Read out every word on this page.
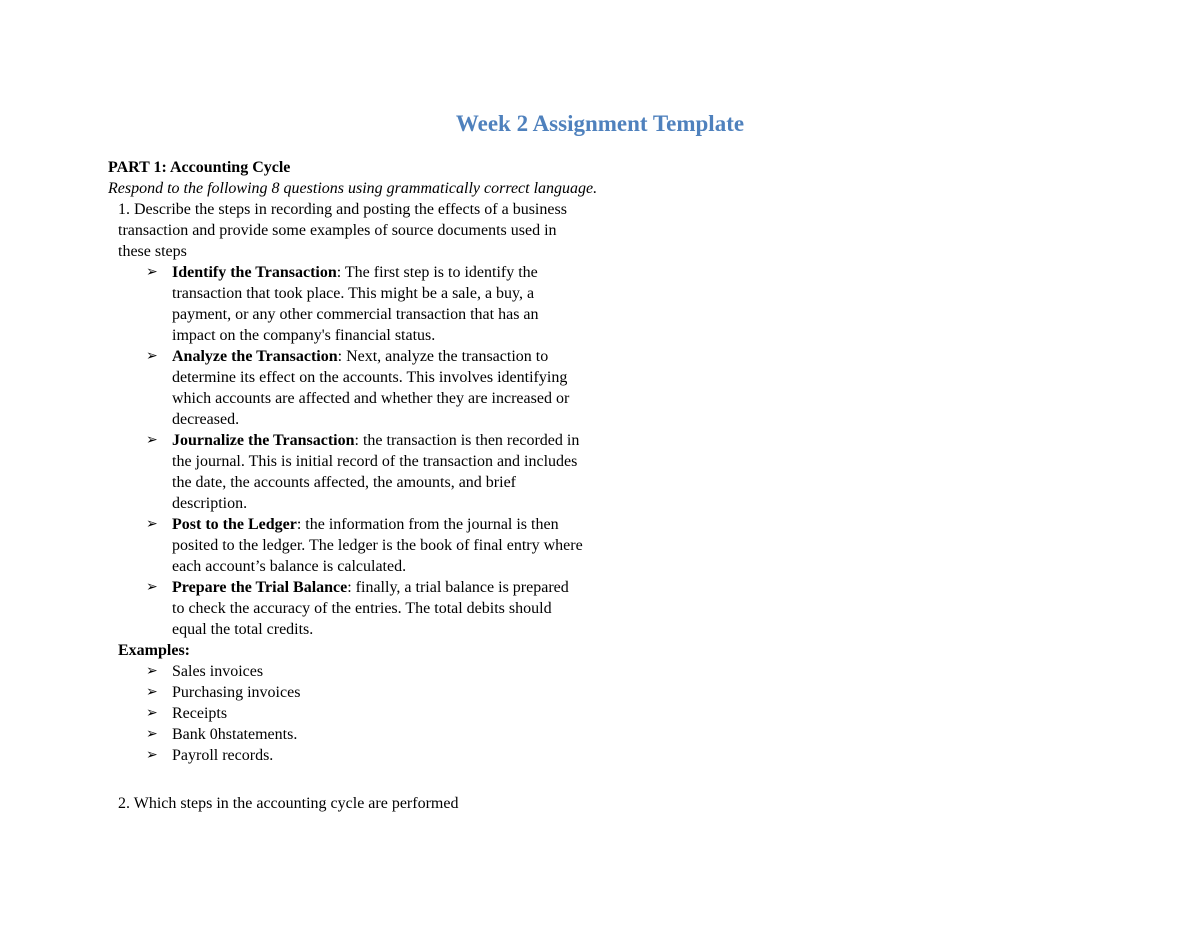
Week 2 Assignment Template
PART 1: Accounting Cycle
Respond to the following 8 questions using grammatically correct language.
1. Describe the steps in recording and posting the effects of a business transaction and provide some examples of source documents used in these steps
➢ Identify the Transaction: The first step is to identify the transaction that took place. This might be a sale, a buy, a payment, or any other commercial transaction that has an impact on the company's financial status.
➢ Analyze the Transaction: Next, analyze the transaction to determine its effect on the accounts. This involves identifying which accounts are affected and whether they are increased or decreased.
➢ Journalize the Transaction: the transaction is then recorded in the journal. This is initial record of the transaction and includes the date, the accounts affected, the amounts, and brief description.
➢ Post to the Ledger: the information from the journal is then posited to the ledger. The ledger is the book of final entry where each account’s balance is calculated.
➢ Prepare the Trial Balance: finally, a trial balance is prepared to check the accuracy of the entries. The total debits should equal the total credits.
Examples:
➢ Sales invoices
➢ Purchasing invoices
➢ Receipts
➢ Bank 0hstatements.
➢ Payroll records.
2. Which steps in the accounting cycle are performed
